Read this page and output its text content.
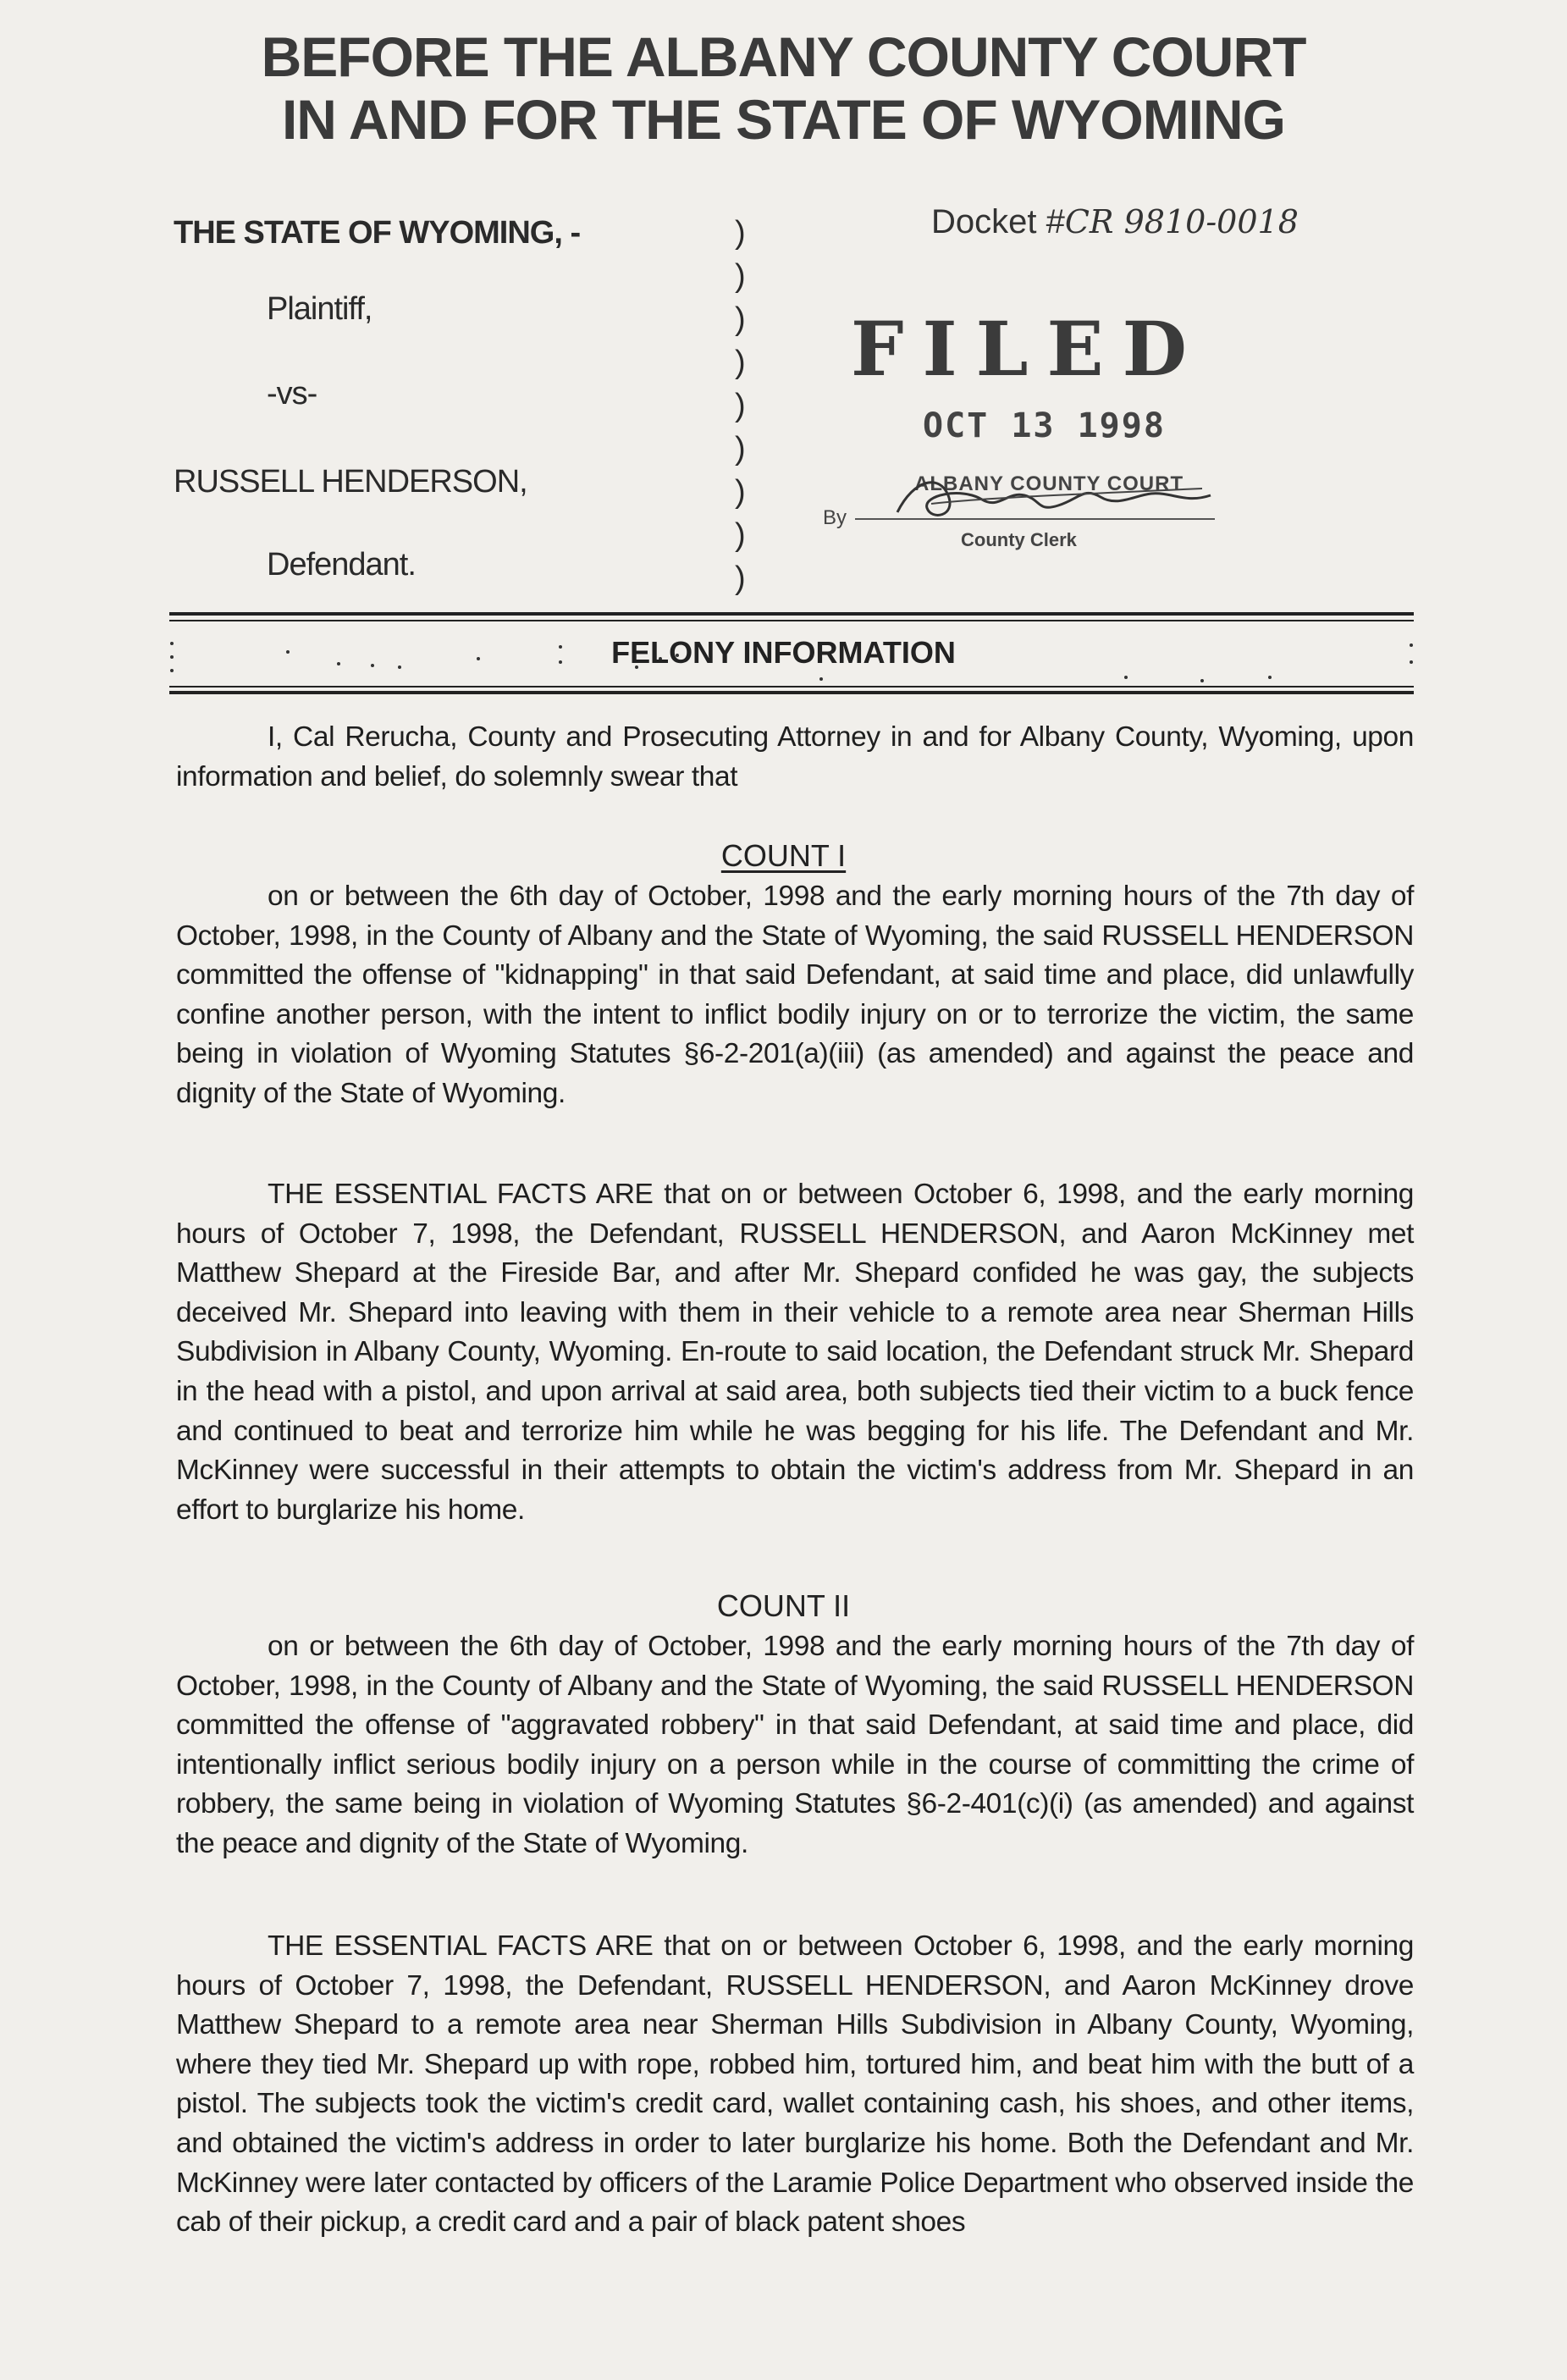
BEFORE THE ALBANY COUNTY COURT
IN AND FOR THE STATE OF WYOMING
THE STATE OF WYOMING, -
Plaintiff,
-vs-
RUSSELL HENDERSON,
Defendant.
)
)
)
)
)
)
)
)
)
Docket #CR 9810-0018
FILED
OCT 13 1998
ALBANY COUNTY COURT
By
County Clerk
FELONY INFORMATION

I, Cal Rerucha, County and Prosecuting Attorney in and for Albany County, Wyoming, upon information and belief, do solemnly swear that

COUNT I

on or between the 6th day of October, 1998 and the early morning hours of the 7th day of October, 1998, in the County of Albany and the State of Wyoming, the said RUSSELL HENDERSON committed the offense of "kidnapping" in that said Defendant, at said time and place, did unlawfully confine another person, with the intent to inflict bodily injury on or to terrorize the victim, the same being in violation of Wyoming Statutes §6-2-201(a)(iii) (as amended) and against the peace and dignity of the State of Wyoming.

THE ESSENTIAL FACTS ARE that on or between October 6, 1998, and the early morning hours of October 7, 1998, the Defendant, RUSSELL HENDERSON, and Aaron McKinney met Matthew Shepard at the Fireside Bar, and after Mr. Shepard confided he was gay, the subjects deceived Mr. Shepard into leaving with them in their vehicle to a remote area near Sherman Hills Subdivision in Albany County, Wyoming. En-route to said location, the Defendant struck Mr. Shepard in the head with a pistol, and upon arrival at said area, both subjects tied their victim to a buck fence and continued to beat and terrorize him while he was begging for his life. The Defendant and Mr. McKinney were successful in their attempts to obtain the victim's address from Mr. Shepard in an effort to burglarize his home.

COUNT II

on or between the 6th day of October, 1998 and the early morning hours of the 7th day of October, 1998, in the County of Albany and the State of Wyoming, the said RUSSELL HENDERSON committed the offense of "aggravated robbery" in that said Defendant, at said time and place, did intentionally inflict serious bodily injury on a person while in the course of committing the crime of robbery, the same being in violation of Wyoming Statutes §6-2-401(c)(i) (as amended) and against the peace and dignity of the State of Wyoming.

THE ESSENTIAL FACTS ARE that on or between October 6, 1998, and the early morning hours of October 7, 1998, the Defendant, RUSSELL HENDERSON, and Aaron McKinney drove Matthew Shepard to a remote area near Sherman Hills Subdivision in Albany County, Wyoming, where they tied Mr. Shepard up with rope, robbed him, tortured him, and beat him with the butt of a pistol. The subjects took the victim's credit card, wallet containing cash, his shoes, and other items, and obtained the victim's address in order to later burglarize his home. Both the Defendant and Mr. McKinney were later contacted by officers of the Laramie Police Department who observed inside the cab of their pickup, a credit card and a pair of black patent shoes
